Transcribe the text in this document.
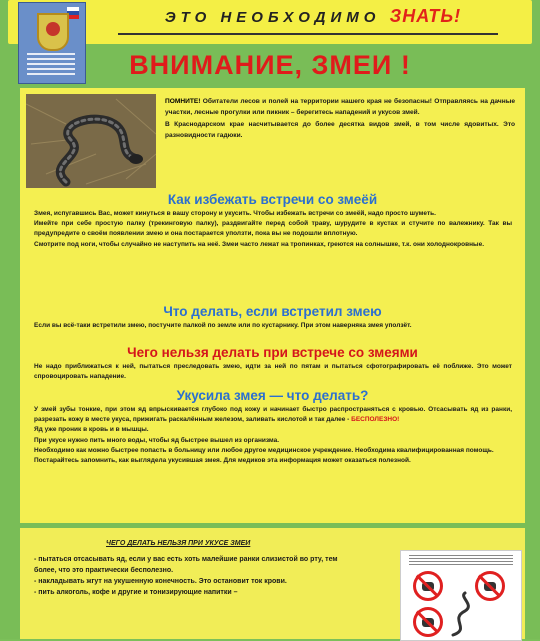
ЭТО НЕОБХОДИМО ЗНАТЬ!
ВНИМАНИЕ, ЗМЕИ !
ПОМНИТЕ! Обитатели лесов и полей на территории нашего края не безопасны! Отправляясь на дачные участки, лесные прогулки или пикник – берегитесь нападений и укусов змей.
В Краснодарском крае насчитывается до более десятка видов змей, в том числе ядовитых. Это разновидности гадюки.
Как избежать встречи со змеёй
Змея, испугавшись Вас, может кинуться в вашу сторону и укусить. Чтобы избежать встречи со змеёй, надо просто шуметь.
Имейте при себе простую палку (трекинговую палку), раздвигайте перед собой траву, шурудите в кустах и стучите по валежнику. Так вы предупредите о своём появлении змею и она постарается уползти, пока вы не подошли вплотную.
Смотрите под ноги, чтобы случайно не наступить на неё. Змеи часто лежат на тропинках, греются на солнышке, т.к. они холоднокровные.
Что делать, если встретил змею
Если вы всё-таки встретили змею, постучите палкой по земле или по кустарнику. При этом навернякa змея уползёт.
Чего нельзя делать при встрече со змеями
Не надо приближаться к ней, пытаться преследовать змею, идти за ней по пятам и пытаться сфотографировать её поближе. Это может спровоцировать нападение.
Укусила змея — что делать?
У змей зубы тонкие, при этом яд впрыскивается глубоко под кожу и начинает быстро распространяться с кровью. Отсасывать яд из ранки, разрезать кожу в месте укуса, прижигать раскалённым железом, заливать кислотой и так далее - БЕСПОЛЕЗНО!
Яд уже проник в кровь и в мышцы.
При укусе нужно пить много воды, чтобы яд быстрее вышел из организма.
Необходимо как можно быстрее попасть в больницу или любое другое медицинское учреждение. Необходима квалифицированная помощь.
Постарайтесь запомнить, как выглядела укусившая змея. Для медиков эта информация может оказаться полезной.
ЧЕГО ДЕЛАТЬ НЕЛЬЗЯ ПРИ УКУСЕ ЗМЕИ
- пытаться отсасывать яд, если у вас есть хоть малейшие ранки слизистой во рту, тем более, что это практически бесполезно.
- накладывать жгут на укушенную конечность. Это остановит ток крови.
- пить алкоголь, кофе и другие и тонизирующие напитки –
